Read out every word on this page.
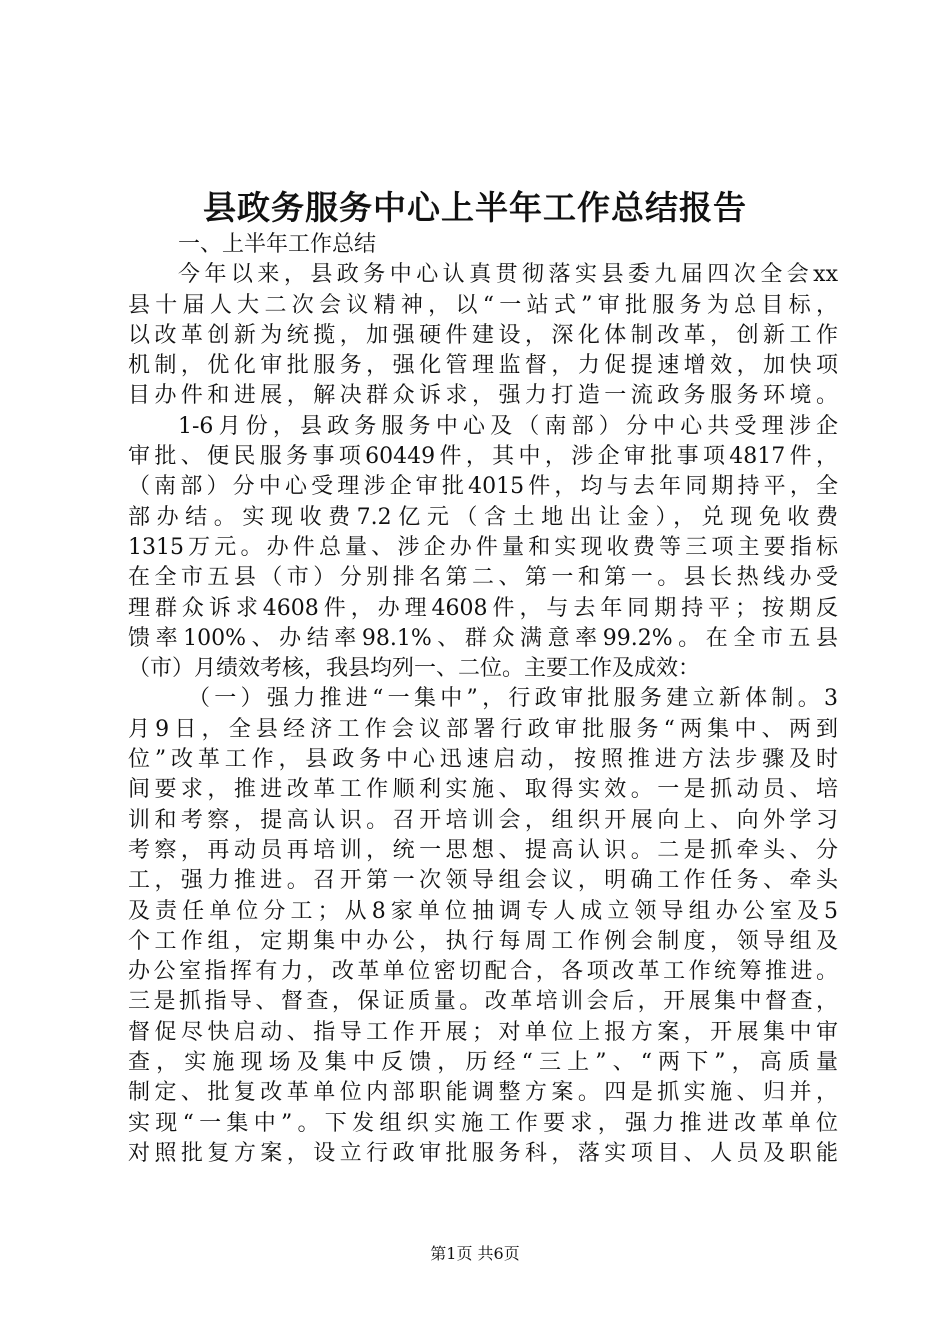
县政务服务中心上半年工作总结报告
一、上半年工作总结
今年以来，县政务中心认真贯彻落实县委九届四次全会xx
县十届人大二次会议精神，以“一站式”审批服务为总目标，
以改革创新为统揽，加强硬件建设，深化体制改革，创新工作
机制，优化审批服务，强化管理监督，力促提速增效，加快项
目办件和进展，解决群众诉求，强力打造一流政务服务环境。
1-6月份，县政务服务中心及（南部）分中心共受理涉企
审批、便民服务事项60449件，其中，涉企审批事项4817件，
（南部）分中心受理涉企审批4015件，均与去年同期持平，全
部办结。实现收费7.2亿元（含土地出让金），兑现免收费
1315万元。办件总量、涉企办件量和实现收费等三项主要指标
在全市五县（市）分别排名第二、第一和第一。县长热线办受
理群众诉求4608件，办理4608件，与去年同期持平；按期反
馈率100%、办结率98.1%、群众满意率99.2%。在全市五县
（市）月绩效考核，我县均列一、二位。主要工作及成效：
（一）强力推进“一集中”，行政审批服务建立新体制。3
月9日，全县经济工作会议部署行政审批服务“两集中、两到
位”改革工作，县政务中心迅速启动，按照推进方法步骤及时
间要求，推进改革工作顺利实施、取得实效。一是抓动员、培
训和考察，提高认识。召开培训会，组织开展向上、向外学习
考察，再动员再培训，统一思想、提高认识。二是抓牵头、分
工，强力推进。召开第一次领导组会议，明确工作任务、牵头
及责任单位分工；从8家单位抽调专人成立领导组办公室及5
个工作组，定期集中办公，执行每周工作例会制度，领导组及
办公室指挥有力，改革单位密切配合，各项改革工作统筹推进。
三是抓指导、督查，保证质量。改革培训会后，开展集中督查，
督促尽快启动、指导工作开展；对单位上报方案，开展集中审
查，实施现场及集中反馈，历经“三上”、“两下”，高质量
制定、批复改革单位内部职能调整方案。四是抓实施、归并，
实现“一集中”。下发组织实施工作要求，强力推进改革单位
对照批复方案，设立行政审批服务科，落实项目、人员及职能
第1页 共6页
